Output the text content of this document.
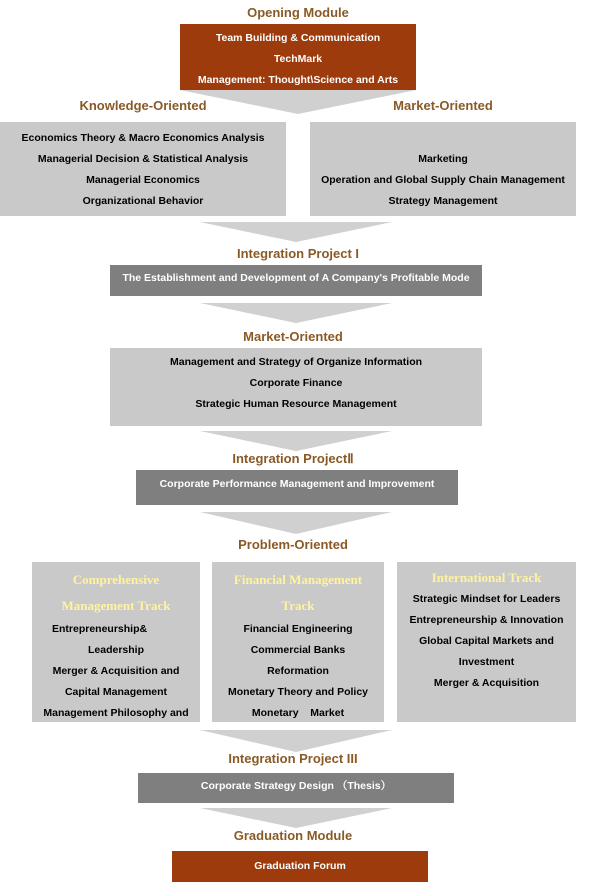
Opening Module
Team Building & Communication
TechMark
Management: Thought\Science and Arts
Knowledge-Oriented	Market-Oriented
Economics Theory & Macro Economics Analysis
Managerial Decision & Statistical Analysis
Managerial Economics
Organizational Behavior
Marketing
Operation and Global Supply Chain Management
Strategy Management
Integration Project I
The Establishment and Development of A Company's Profitable Mode
Market-Oriented
Management and Strategy of Organize Information
Corporate Finance
Strategic Human Resource Management
Integration ProjectⅡ
Corporate Performance Management and Improvement
Problem-Oriented
Comprehensive
Management Track
Entrepreneurship&
Leadership
Merger & Acquisition and
Capital Management
Management Philosophy and
Financial Management
Track
Financial Engineering
Commercial Banks
Reformation
Monetary Theory and Policy
Monetary    Market
International Track
Strategic Mindset for Leaders
Entrepreneurship & Innovation
Global Capital Markets and
Investment
Merger & Acquisition
Integration Project III
Corporate Strategy Design （Thesis）
Graduation Module
Graduation Forum
